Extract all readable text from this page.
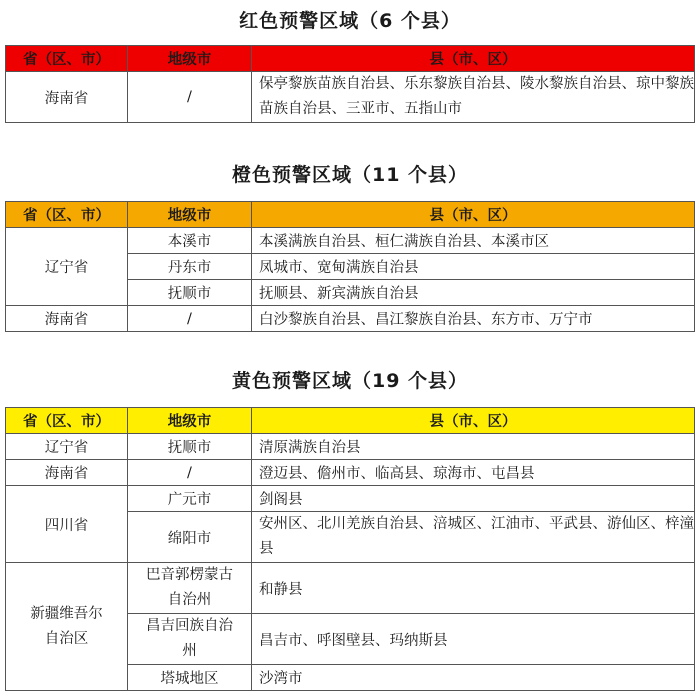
红色预警区域（6 个县）
省（区、市）	地级市	县（市、区）
海南省	/	保亭黎族苗族自治县、乐东黎族自治县、陵水黎族自治县、琼中黎族苗族自治县、三亚市、五指山市
橙色预警区域（11 个县）
省（区、市）	地级市	县（市、区）
辽宁省	本溪市	本溪满族自治县、桓仁满族自治县、本溪市区
	丹东市	凤城市、宽甸满族自治县
	抚顺市	抚顺县、新宾满族自治县
海南省	/	白沙黎族自治县、昌江黎族自治县、东方市、万宁市
黄色预警区域（19 个县）
省（区、市）	地级市	县（市、区）
辽宁省	抚顺市	清原满族自治县
海南省	/	澄迈县、儋州市、临高县、琼海市、屯昌县
四川省	广元市	剑阁县
	绵阳市	安州区、北川羌族自治县、涪城区、江油市、平武县、游仙区、梓潼县
新疆维吾尔自治区	巴音郭楞蒙古自治州	和静县
	昌吉回族自治州	昌吉市、呼图壁县、玛纳斯县
	塔城地区	沙湾市
